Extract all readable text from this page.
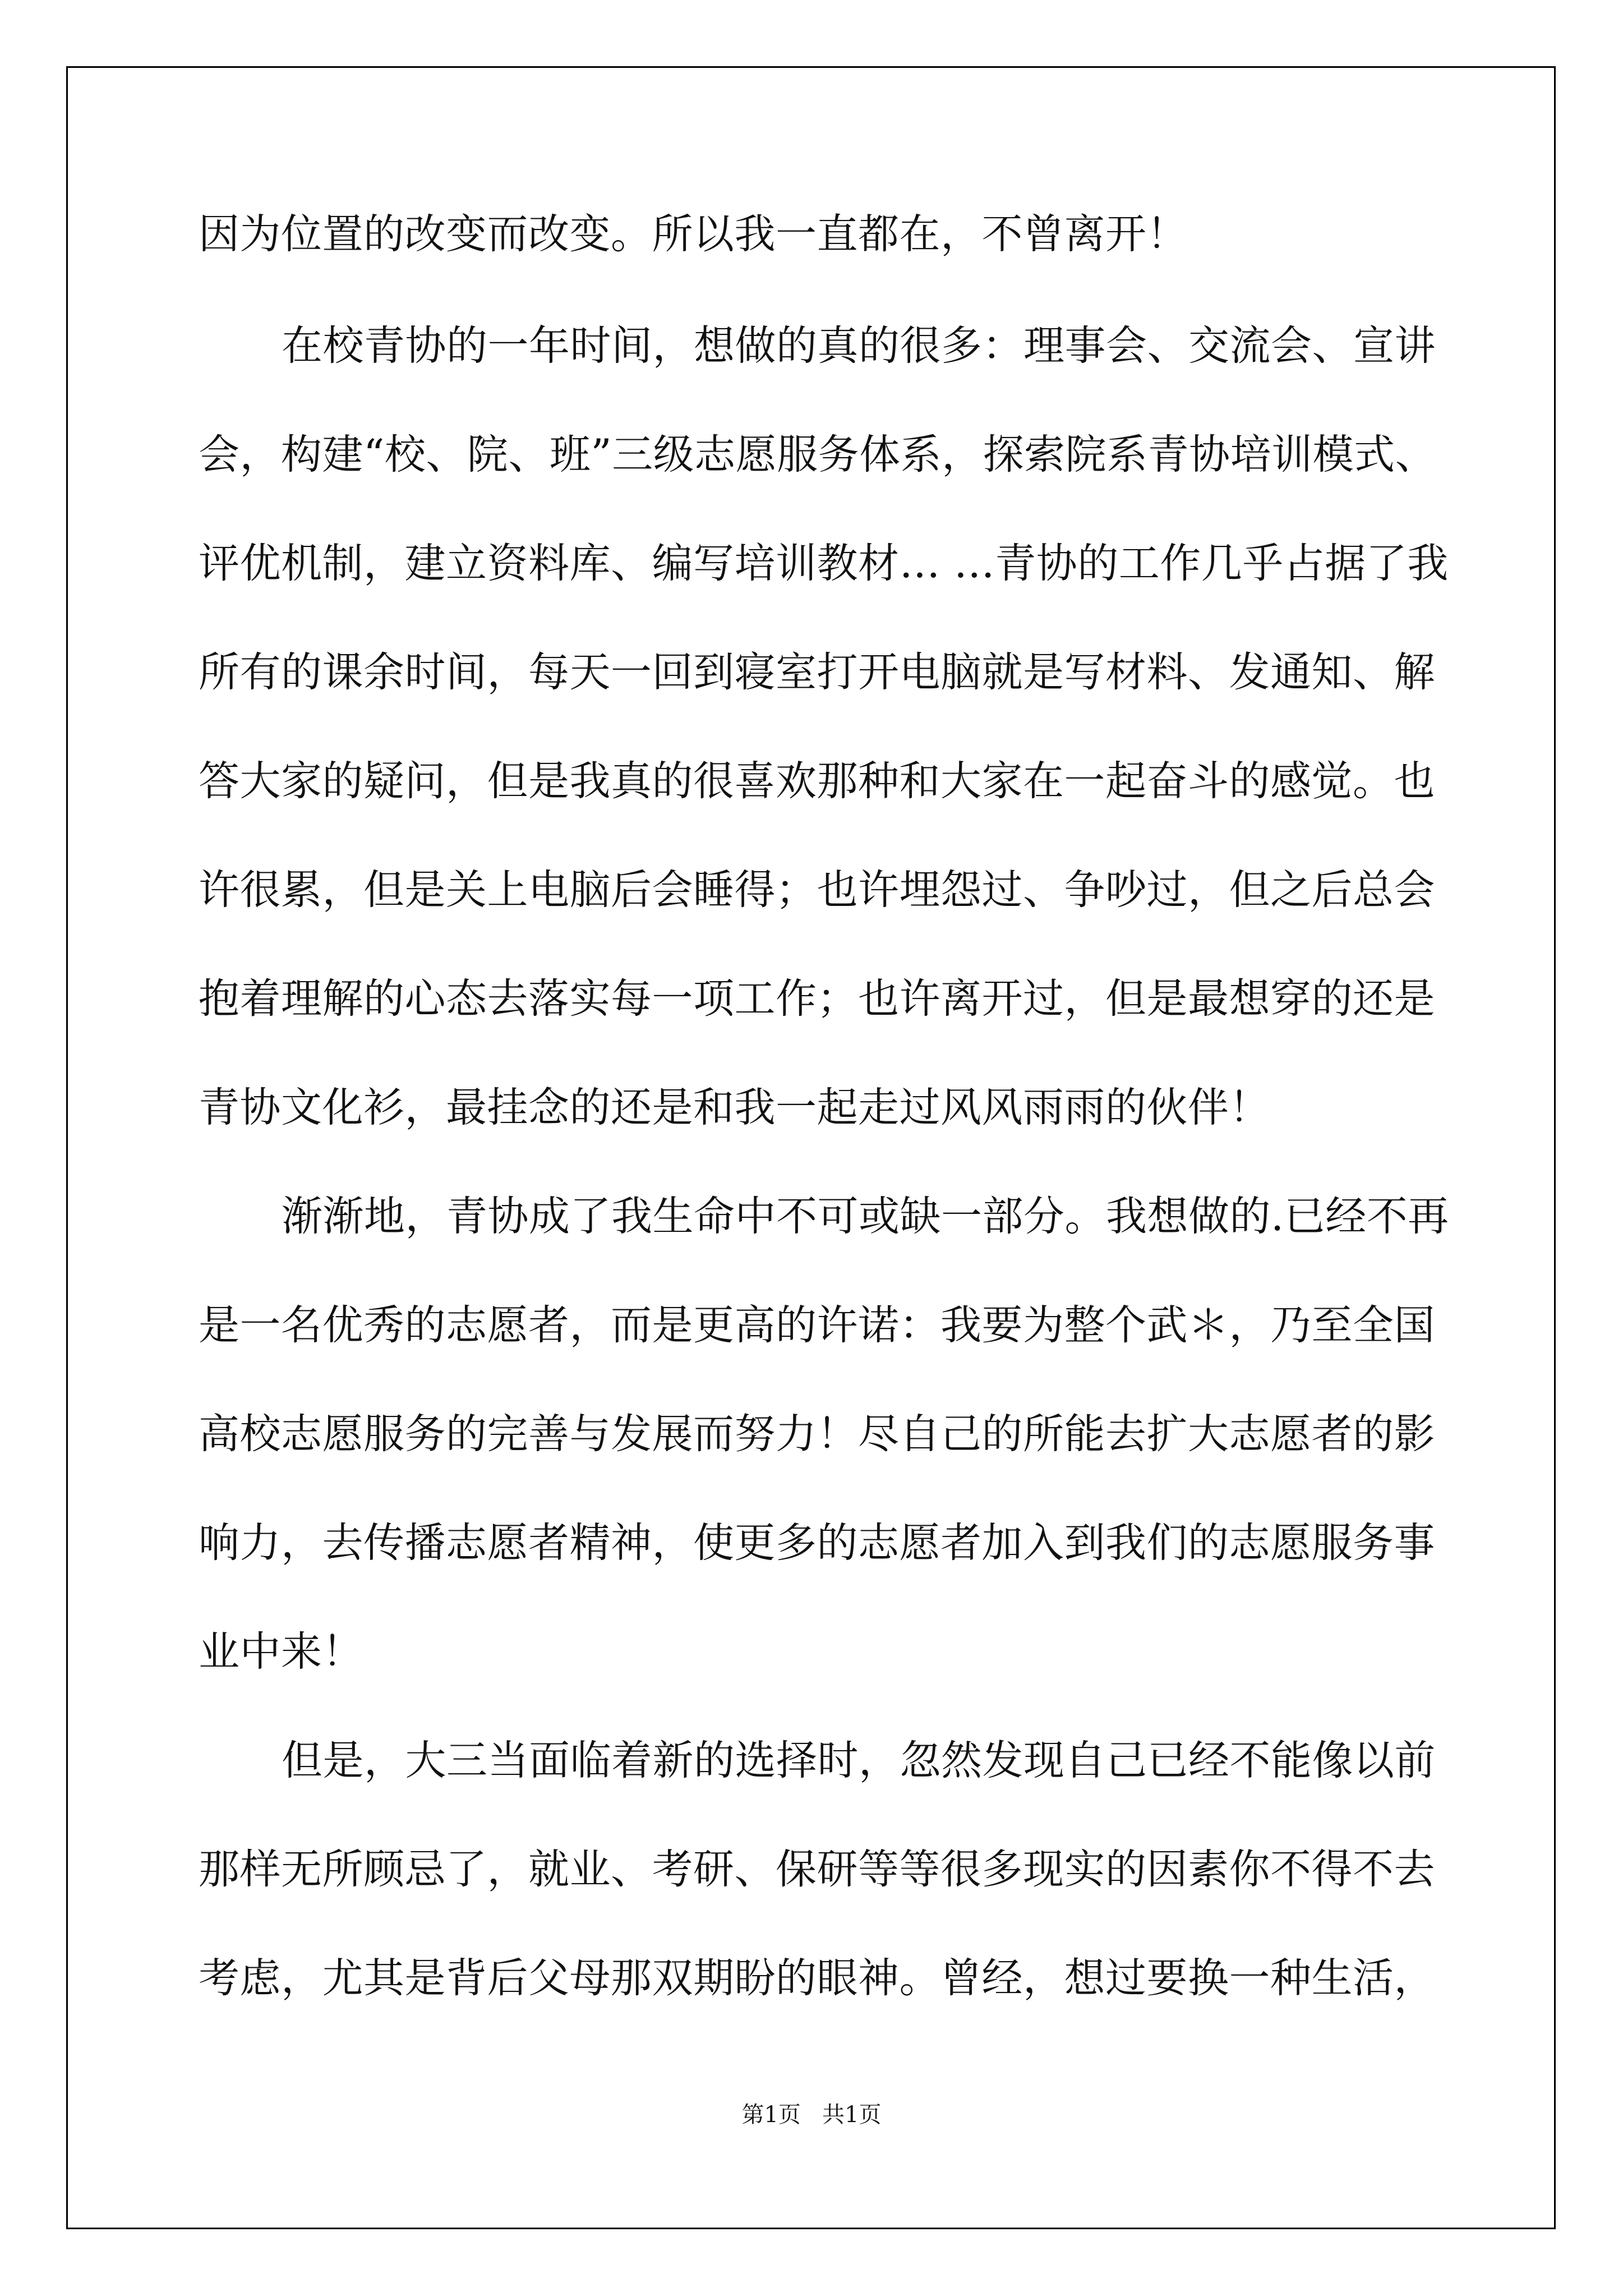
因为位置的改变而改变。所以我一直都在，不曾离开！
在校青协的一年时间，想做的真的很多：理事会、交流会、宣讲
会，构建“校、院、班”三级志愿服务体系，探索院系青协培训模式、
评优机制，建立资料库、编写培训教材… …青协的工作几乎占据了我
所有的课余时间，每天一回到寝室打开电脑就是写材料、发通知、解
答大家的疑问，但是我真的很喜欢那种和大家在一起奋斗的感觉。也
许很累，但是关上电脑后会睡得；也许埋怨过、争吵过，但之后总会
抱着理解的心态去落实每一项工作；也许离开过，但是最想穿的还是
青协文化衫，最挂念的还是和我一起走过风风雨雨的伙伴！
渐渐地，青协成了我生命中不可或缺一部分。我想做的.已经不再
是一名优秀的志愿者，而是更高的许诺：我要为整个武＊，乃至全国
高校志愿服务的完善与发展而努力！尽自己的所能去扩大志愿者的影
响力，去传播志愿者精神，使更多的志愿者加入到我们的志愿服务事
业中来！
但是，大三当面临着新的选择时，忽然发现自己已经不能像以前
那样无所顾忌了，就业、考研、保研等等很多现实的因素你不得不去
考虑，尤其是背后父母那双期盼的眼神。曾经，想过要换一种生活，
第1页   共1页
